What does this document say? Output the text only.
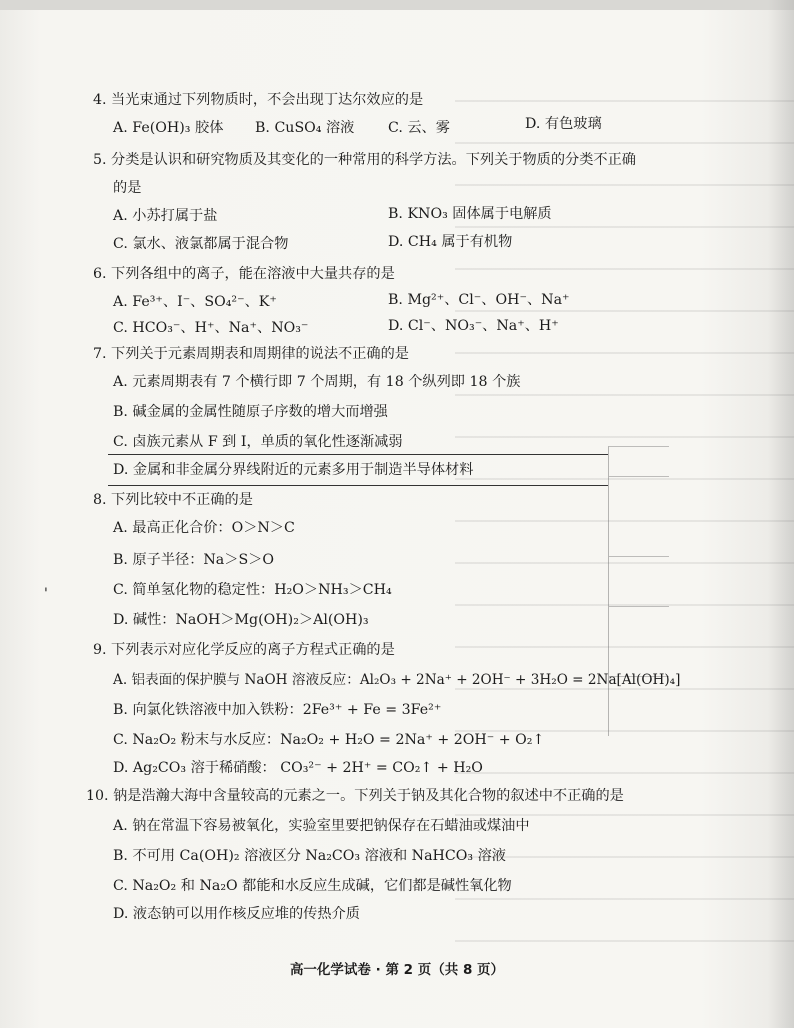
4. 当光束通过下列物质时，不会出现丁达尔效应的是
A. Fe(OH)₃ 胶体 B. CuSO₄ 溶液 C. 云、雾	D. 有色玻璃
5. 分类是认识和研究物质及其变化的一种常用的科学方法。下列关于物质的分类不正确
的是
A. 小苏打属于盐	B. KNO₃ 固体属于电解质
C. 氯水、液氯都属于混合物	D. CH₄ 属于有机物
6. 下列各组中的离子，能在溶液中大量共存的是
A. Fe³⁺、I⁻、SO₄²⁻、K⁺	B. Mg²⁺、Cl⁻、OH⁻、Na⁺
C. HCO₃⁻、H⁺、Na⁺、NO₃⁻	D. Cl⁻、NO₃⁻、Na⁺、H⁺
7. 下列关于元素周期表和周期律的说法不正确的是
A. 元素周期表有 7 个横行即 7 个周期，有 18 个纵列即 18 个族
B. 碱金属的金属性随原子序数的增大而增强
C. 卤族元素从 F 到 I，单质的氧化性逐渐减弱
D. 金属和非金属分界线附近的元素多用于制造半导体材料
8. 下列比较中不正确的是
A. 最高正化合价：O＞N＞C
B. 原子半径：Na＞S＞O
C. 简单氢化物的稳定性：H₂O＞NH₃＞CH₄
D. 碱性：NaOH＞Mg(OH)₂＞Al(OH)₃
'
9. 下列表示对应化学反应的离子方程式正确的是
A. 铝表面的保护膜与 NaOH 溶液反应：Al₂O₃ + 2Na⁺ + 2OH⁻ + 3H₂O = 2Na[Al(OH)₄]
B. 向氯化铁溶液中加入铁粉：2Fe³⁺ + Fe = 3Fe²⁺
C. Na₂O₂ 粉末与水反应：Na₂O₂ + H₂O = 2Na⁺ + 2OH⁻ + O₂↑
D. Ag₂CO₃ 溶于稀硝酸： CO₃²⁻ + 2H⁺ = CO₂↑ + H₂O
10. 钠是浩瀚大海中含量较高的元素之一。下列关于钠及其化合物的叙述中不正确的是
A. 钠在常温下容易被氧化，实验室里要把钠保存在石蜡油或煤油中
B. 不可用 Ca(OH)₂ 溶液区分 Na₂CO₃ 溶液和 NaHCO₃ 溶液
C. Na₂O₂ 和 Na₂O 都能和水反应生成碱，它们都是碱性氧化物
D. 液态钠可以用作核反应堆的传热介质
高一化学试卷 · 第 2 页（共 8 页）
